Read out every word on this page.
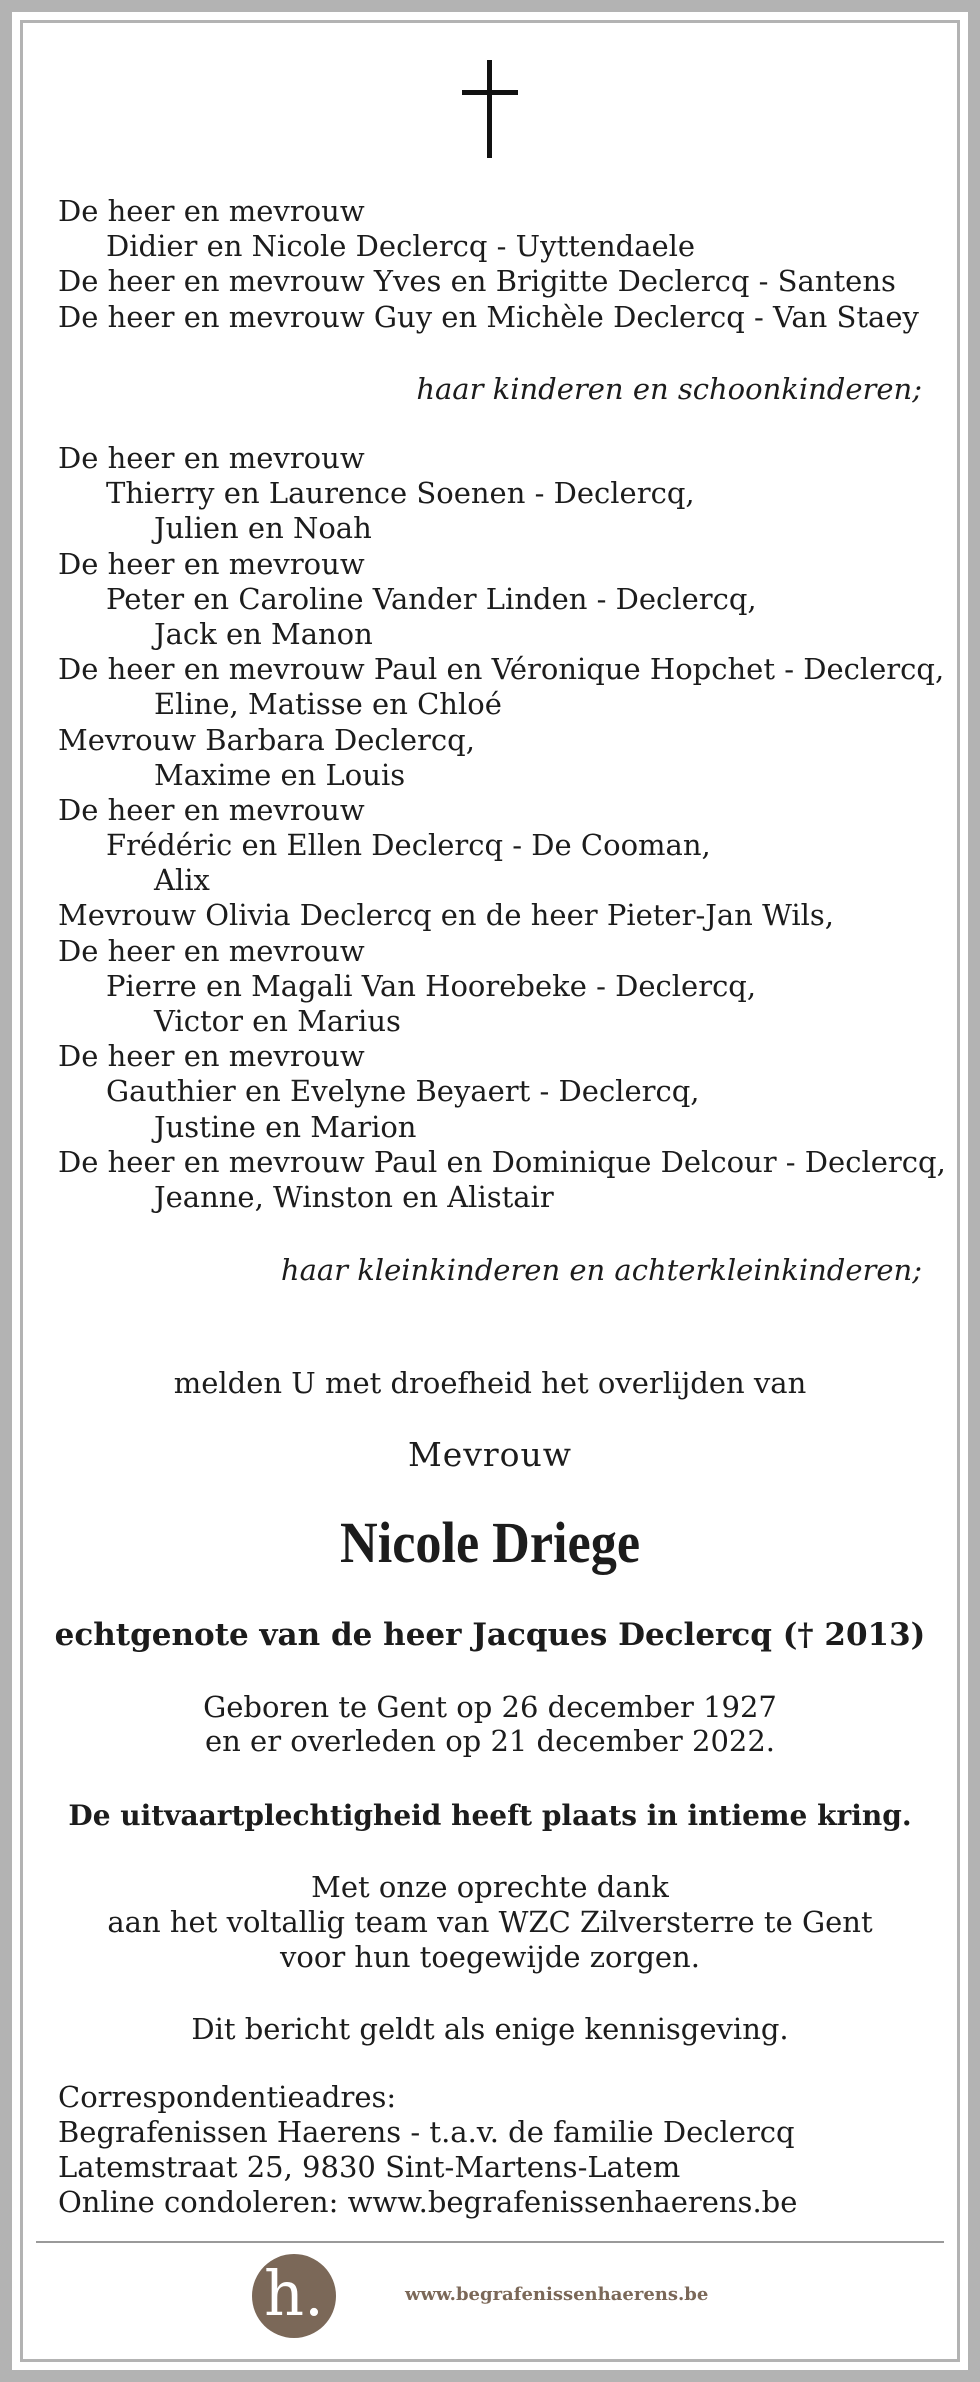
De heer en mevrouw
Didier en Nicole Declercq - Uyttendaele
De heer en mevrouw Yves en Brigitte Declercq - Santens
De heer en mevrouw Guy en Michèle Declercq - Van Staey
haar kinderen en schoonkinderen;
De heer en mevrouw
Thierry en Laurence Soenen - Declercq,
Julien en Noah
De heer en mevrouw
Peter en Caroline Vander Linden - Declercq,
Jack en Manon
De heer en mevrouw Paul en Véronique Hopchet - Declercq,
Eline, Matisse en Chloé
Mevrouw Barbara Declercq,
Maxime en Louis
De heer en mevrouw
Frédéric en Ellen Declercq - De Cooman,
Alix
Mevrouw Olivia Declercq en de heer Pieter-Jan Wils,
De heer en mevrouw
Pierre en Magali Van Hoorebeke - Declercq,
Victor en Marius
De heer en mevrouw
Gauthier en Evelyne Beyaert - Declercq,
Justine en Marion
De heer en mevrouw Paul en Dominique Delcour - Declercq,
Jeanne, Winston en Alistair
haar kleinkinderen en achterkleinkinderen;
melden U met droefheid het overlijden van
Mevrouw
Nicole Driege
echtgenote van de heer Jacques Declercq († 2013)
Geboren te Gent op 26 december 1927
en er overleden op 21 december 2022.
De uitvaartplechtigheid heeft plaats in intieme kring.
Met onze oprechte dank
aan het voltallig team van WZC Zilversterre te Gent
voor hun toegewijde zorgen.
Dit bericht geldt als enige kennisgeving.
Correspondentieadres:
Begrafenissen Haerens - t.a.v. de familie Declercq
Latemstraat 25, 9830 Sint-Martens-Latem
Online condoleren: www.begrafenissenhaerens.be
h.	www.begrafenissenhaerens.be
